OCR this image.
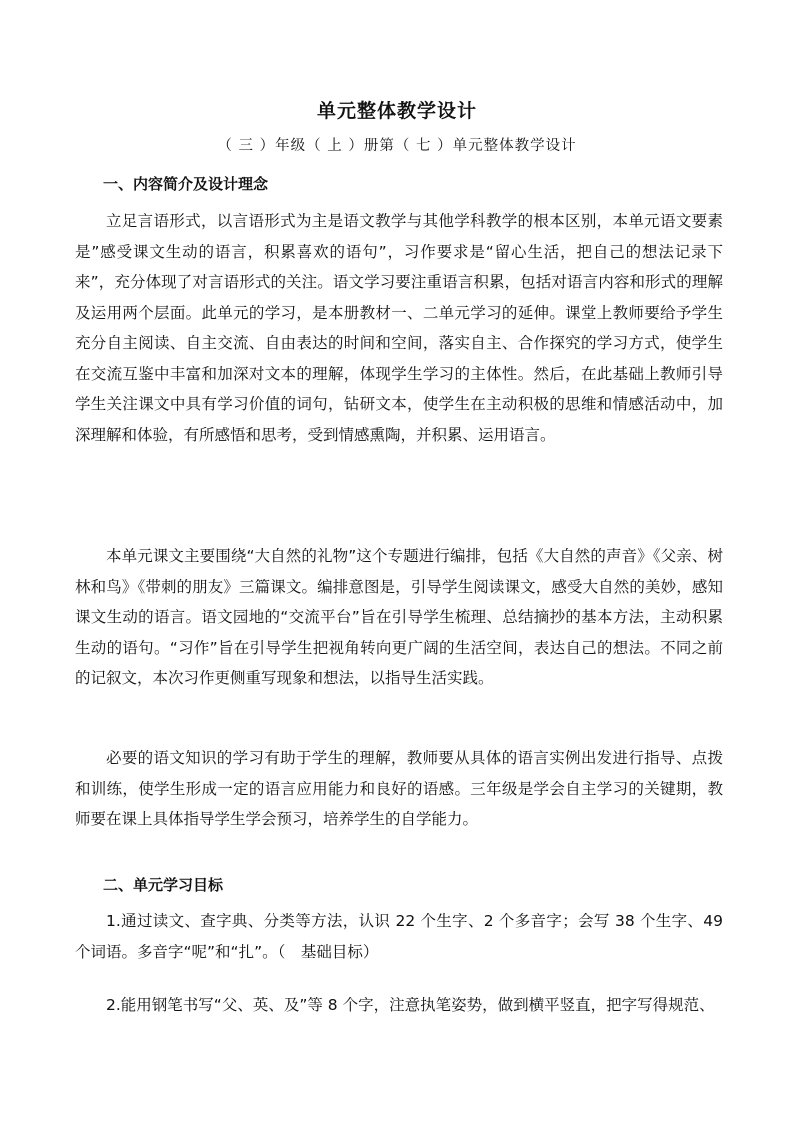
单元整体教学设计
（ 三 ）年级（ 上 ）册第（ 七 ）单元整体教学设计
一、内容简介及设计理念

立足言语形式，以言语形式为主是语文教学与其他学科教学的根本区别，本单元语文要素是”感受课文生动的语言，积累喜欢的语句”，习作要求是“留心生活，把自己的想法记录下来”，充分体现了对言语形式的关注。语文学习要注重语言积累，包括对语言内容和形式的理解及运用两个层面。此单元的学习，是本册教材一、二单元学习的延伸。课堂上教师要给予学生充分自主阅读、自主交流、自由表达的时间和空间，落实自主、合作探究的学习方式，使学生在交流互鉴中丰富和加深对文本的理解，体现学生学习的主体性。然后，在此基础上教师引导学生关注课文中具有学习价值的词句，钻研文本，使学生在主动积极的思维和情感活动中，加深理解和体验，有所感悟和思考，受到情感熏陶，并积累、运用语言。

本单元课文主要围绕“大自然的礼物”这个专题进行编排，包括《大自然的声音》《父亲、树林和鸟》《带刺的朋友》三篇课文。编排意图是，引导学生阅读课文，感受大自然的美妙，感知课文生动的语言。语文园地的“交流平台”旨在引导学生梳理、总结摘抄的基本方法，主动积累生动的语句。“习作”旨在引导学生把视角转向更广阔的生活空间，表达自己的想法。不同之前的记叙文，本次习作更侧重写现象和想法，以指导生活实践。

必要的语文知识的学习有助于学生的理解，教师要从具体的语言实例出发进行指导、点拨和训练，使学生形成一定的语言应用能力和良好的语感。三年级是学会自主学习的关键期，教师要在课上具体指导学生学会预习，培养学生的自学能力。

二、单元学习目标

1.通过读文、查字典、分类等方法，认识 22 个生字、2 个多音字；会写 38 个生字、49 个词语。多音字“呢”和“扎”。（　基础目标）

2.能用钢笔书写“父、英、及”等 8 个字，注意执笔姿势，做到横平竖直，把字写得规范、
